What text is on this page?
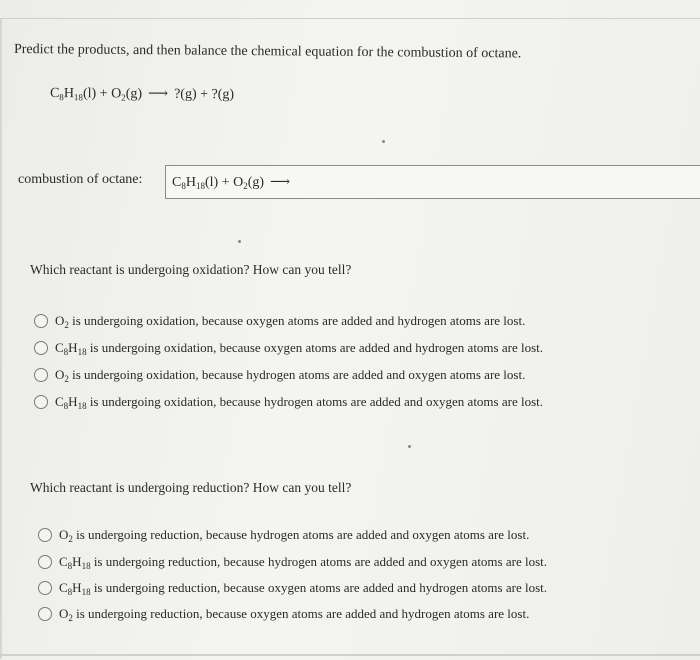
Predict the products, and then balance the chemical equation for the combustion of octane.
$C_8H_{18}(l) + O_2(g)$ ⟶ ?(g) + ?(g)
combustion of octane: $C_8H_{18}(l) + O_2(g)$ ⟶
Which reactant is undergoing oxidation? How can you tell?
$O_2$
is undergoing oxidation, because oxygen atoms are added and hydrogen atoms are lost.
$C_8H_{18}$
is undergoing oxidation, because oxygen atoms are added and hydrogen atoms are lost.
$O_2$
is undergoing oxidation, because hydrogen atoms are added and oxygen atoms are lost.
$C_8H_{18}$
is undergoing oxidation, because hydrogen atoms are added and oxygen atoms are lost.
Which reactant is undergoing reduction? How can you tell?
$O_2$
is undergoing reduction, because hydrogen atoms are added and oxygen atoms are lost.
$C_8H_{18}$
is undergoing reduction, because hydrogen atoms are added and oxygen atoms are lost.
$C_8H_{18}$
is undergoing reduction, because oxygen atoms are added and hydrogen atoms are lost.
$O_2$
is undergoing reduction, because oxygen atoms are added and hydrogen atoms are lost.
